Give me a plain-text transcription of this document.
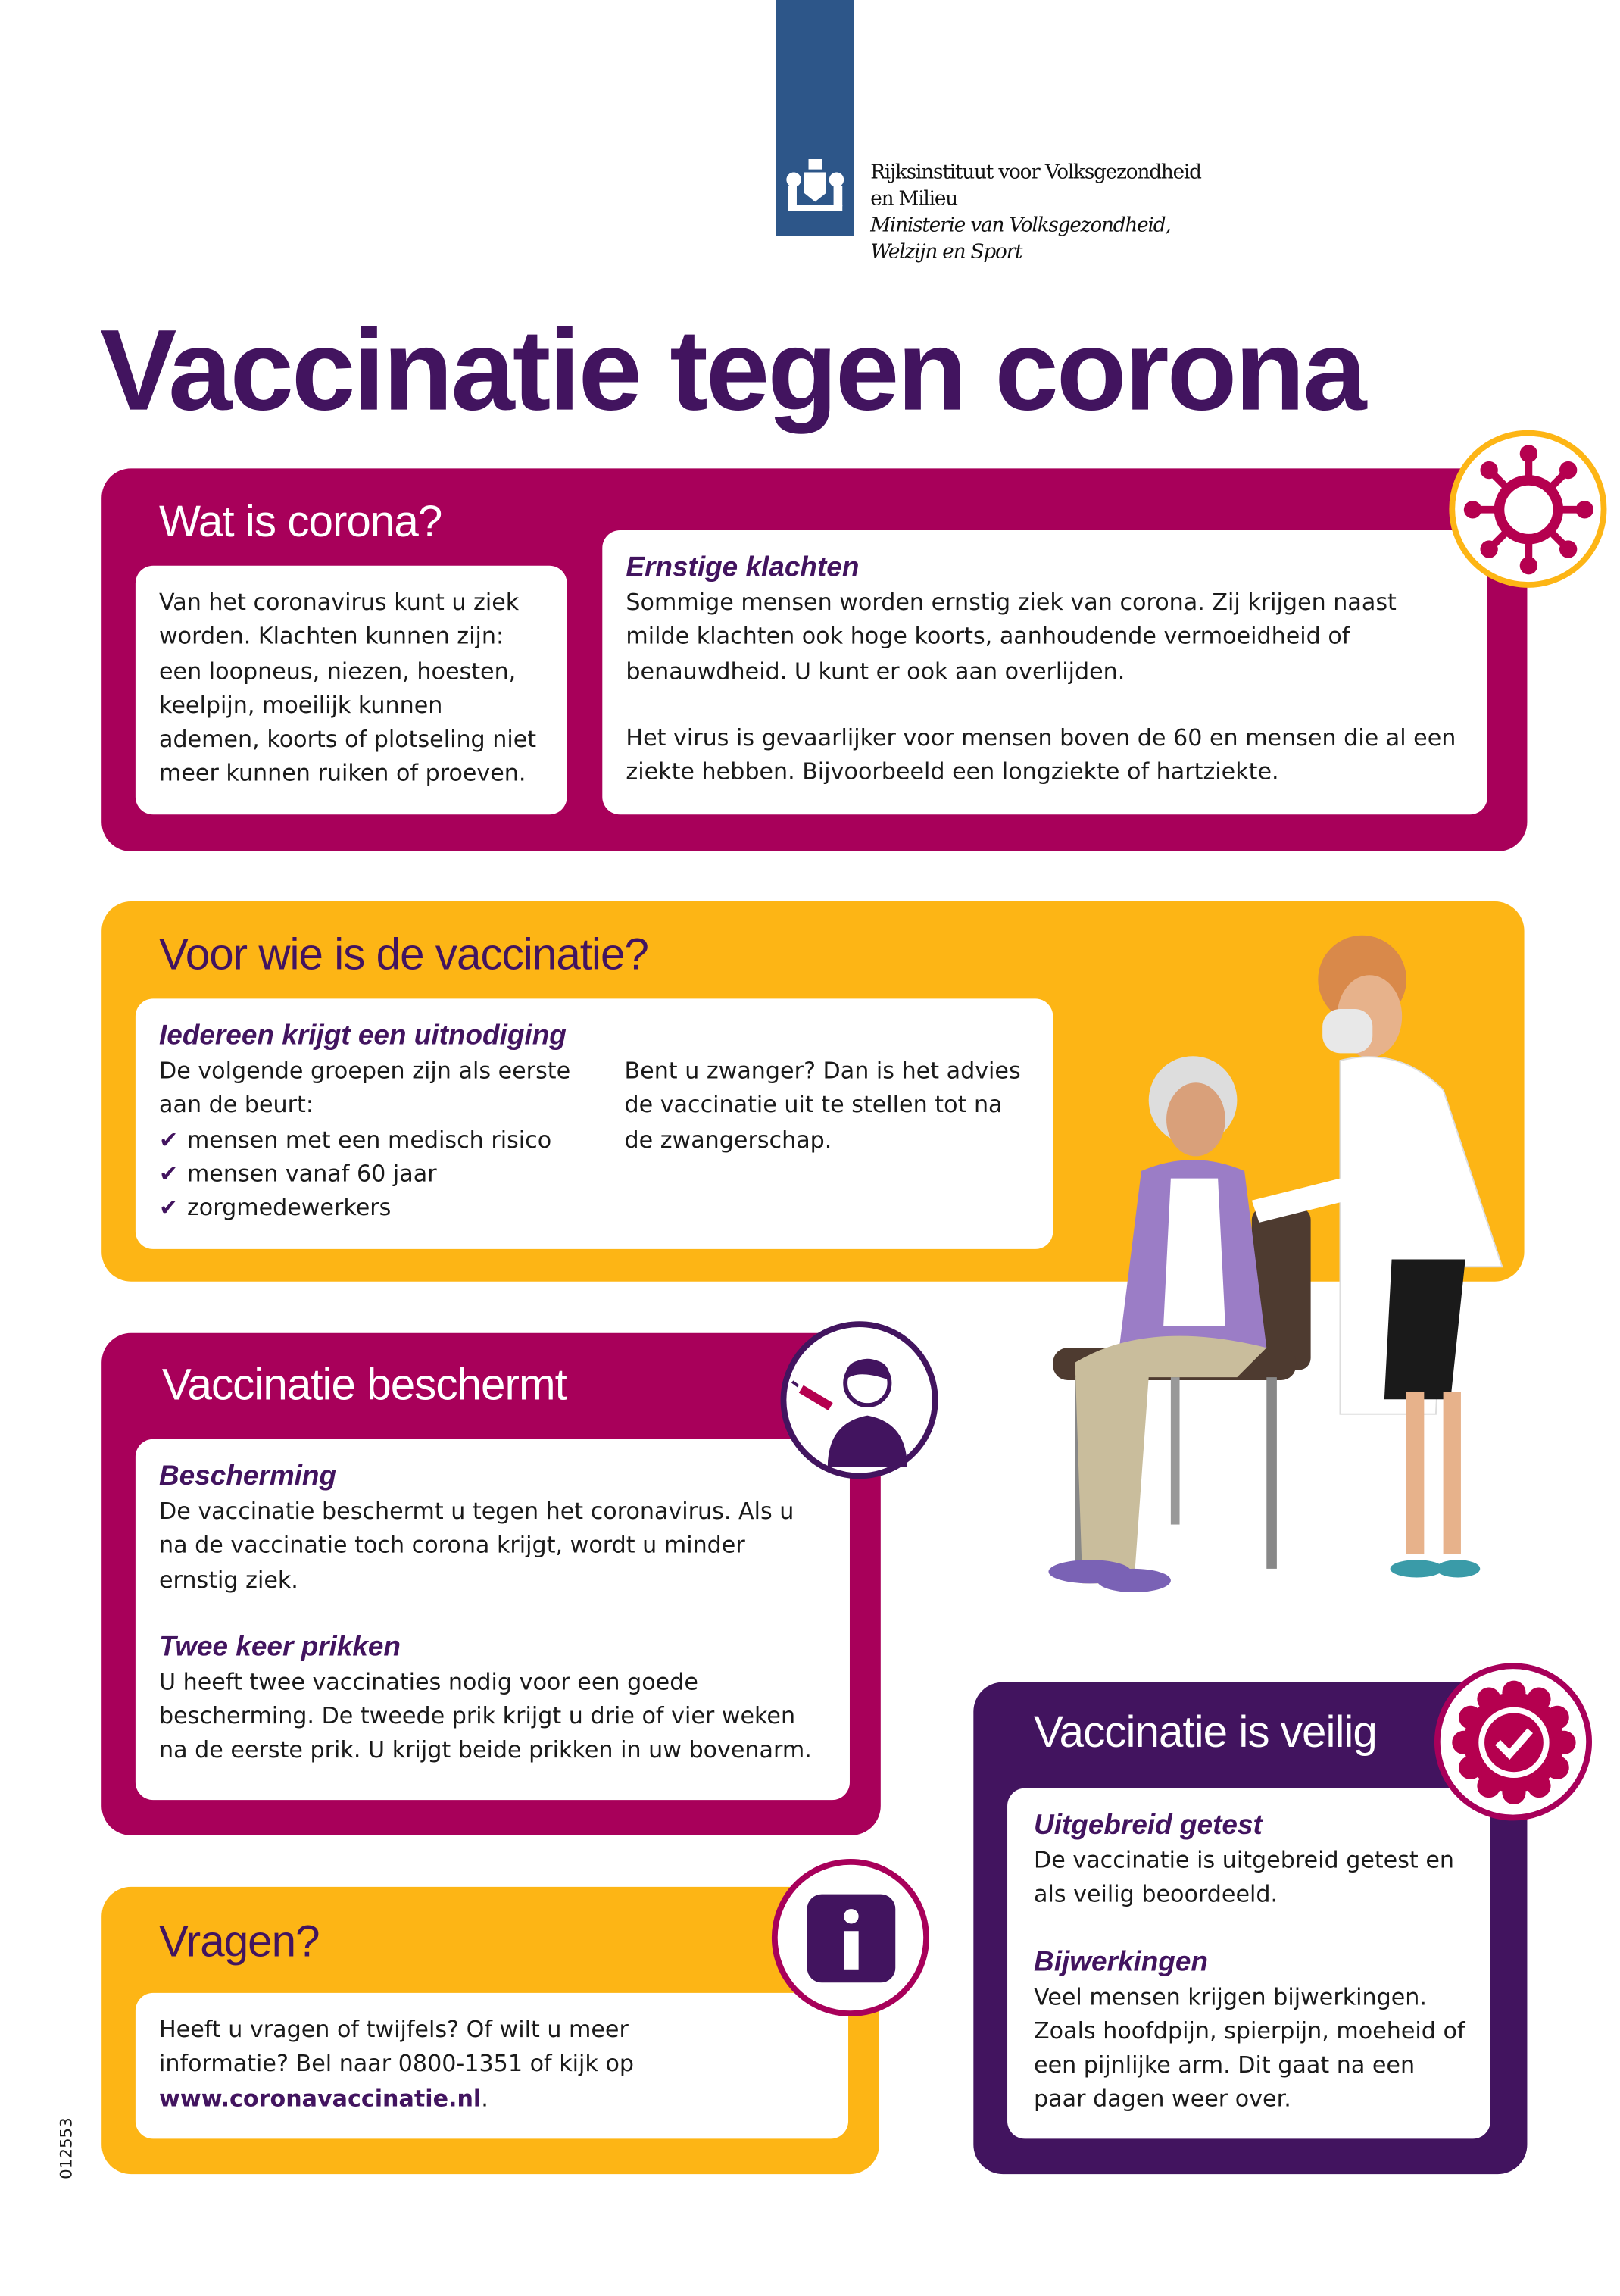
Rijksinstituut voor Volksgezondheid
en Milieu
Ministerie van Volksgezondheid,
Welzijn en Sport
Vaccinatie tegen corona
Wat is corona?

Van het coronavirus kunt u ziek worden. Klachten kunnen zijn: een loopneus, niezen, hoesten, keelpijn, moeilijk kunnen ademen, koorts of plotseling niet meer kunnen ruiken of proeven.

Ernstige klachten

Sommige mensen worden ernstig ziek van corona. Zij krijgen naast milde klachten ook hoge koorts, aanhoudende vermoeidheid of benauwdheid. U kunt er ook aan overlijden.

Het virus is gevaarlijker voor mensen boven de 60 en mensen die al een ziekte hebben. Bijvoorbeeld een longziekte of hartziekte.

Voor wie is de vaccinatie?
Iedereen krijgt een uitnodiging

De volgende groepen zijn als eerste aan de beurt:

✔ mensen met een medisch risico
✔ mensen vanaf 60 jaar
✔ zorgmedewerkers

Bent u zwanger? Dan is het advies de vaccinatie uit te stellen tot na de zwangerschap.

Vaccinatie beschermt
Bescherming

De vaccinatie beschermt u tegen het coronavirus. Als u na de vaccinatie toch corona krijgt, wordt u minder ernstig ziek.

Twee keer prikken

U heeft twee vaccinaties nodig voor een goede bescherming. De tweede prik krijgt u drie of vier weken na de eerste prik. U krijgt beide prikken in uw bovenarm.

Vragen?

Heeft u vragen of twijfels? Of wilt u meer informatie? Bel naar 0800-1351 of kijk op www.coronavaccinatie.nl.

Vaccinatie is veilig
Uitgebreid getest

De vaccinatie is uitgebreid getest en als veilig beoordeeld.

Bijwerkingen

Veel mensen krijgen bijwerkingen. Zoals hoofdpijn, spierpijn, moeheid of een pijnlijke arm. Dit gaat na een paar dagen weer over.

012553
